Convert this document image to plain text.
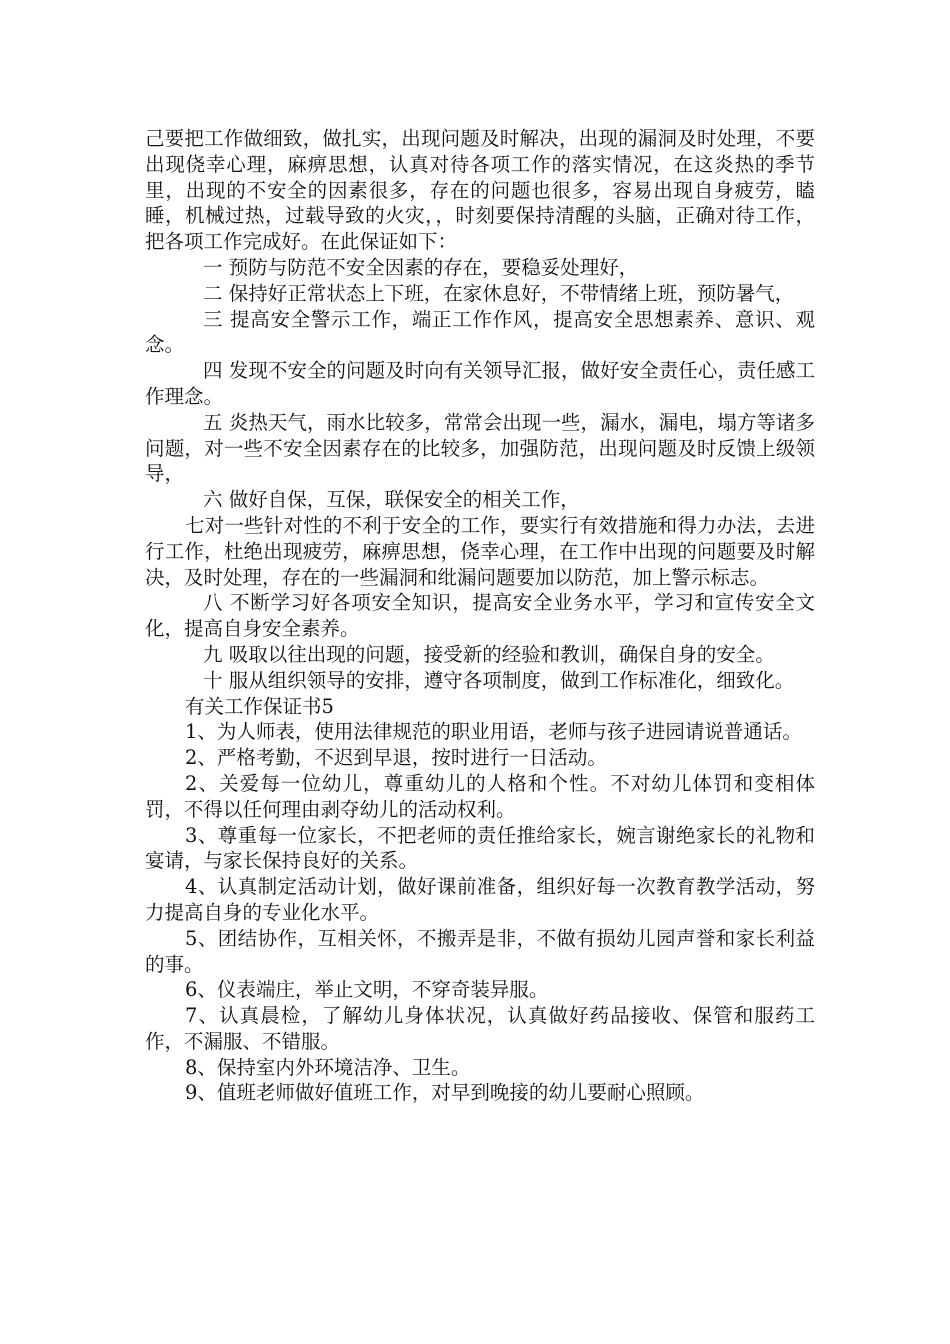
己要把工作做细致，做扎实，出现问题及时解决，出现的漏洞及时处理，不要出现侥幸心理，麻痹思想，认真对待各项工作的落实情况，在这炎热的季节里，出现的不安全的因素很多，存在的问题也很多，容易出现自身疲劳，瞌睡，机械过热，过载导致的火灾，，时刻要保持清醒的头脑，正确对待工作，把各项工作完成好。在此保证如下：

一 预防与防范不安全因素的存在，要稳妥处理好，

二 保持好正常状态上下班，在家休息好，不带情绪上班，预防暑气，

三 提高安全警示工作，端正工作作风，提高安全思想素养、意识、观念。

四 发现不安全的问题及时向有关领导汇报，做好安全责任心，责任感工作理念。

五 炎热天气，雨水比较多，常常会出现一些，漏水，漏电，塌方等诸多问题，对一些不安全因素存在的比较多，加强防范，出现问题及时反馈上级领导，

六 做好自保，互保，联保安全的相关工作，

七对一些针对性的不利于安全的工作，要实行有效措施和得力办法，去进行工作，杜绝出现疲劳，麻痹思想，侥幸心理，在工作中出现的问题要及时解决，及时处理，存在的一些漏洞和纰漏问题要加以防范，加上警示标志。

八 不断学习好各项安全知识，提高安全业务水平，学习和宣传安全文化，提高自身安全素养。

九 吸取以往出现的问题，接受新的经验和教训，确保自身的安全。

十 服从组织领导的安排，遵守各项制度，做到工作标准化，细致化。

有关工作保证书5

1、为人师表，使用法律规范的职业用语，老师与孩子进园请说普通话。

2、严格考勤，不迟到早退，按时进行一日活动。

2、关爱每一位幼儿，尊重幼儿的人格和个性。不对幼儿体罚和变相体罚，不得以任何理由剥夺幼儿的活动权利。

3、尊重每一位家长，不把老师的责任推给家长，婉言谢绝家长的礼物和宴请，与家长保持良好的关系。

4、认真制定活动计划，做好课前准备，组织好每一次教育教学活动，努力提高自身的专业化水平。

5、团结协作，互相关怀，不搬弄是非，不做有损幼儿园声誉和家长利益的事。

6、仪表端庄，举止文明，不穿奇装异服。

7、认真晨检，了解幼儿身体状况，认真做好药品接收、保管和服药工作，不漏服、不错服。

8、保持室内外环境洁净、卫生。

9、值班老师做好值班工作，对早到晚接的幼儿要耐心照顾。
